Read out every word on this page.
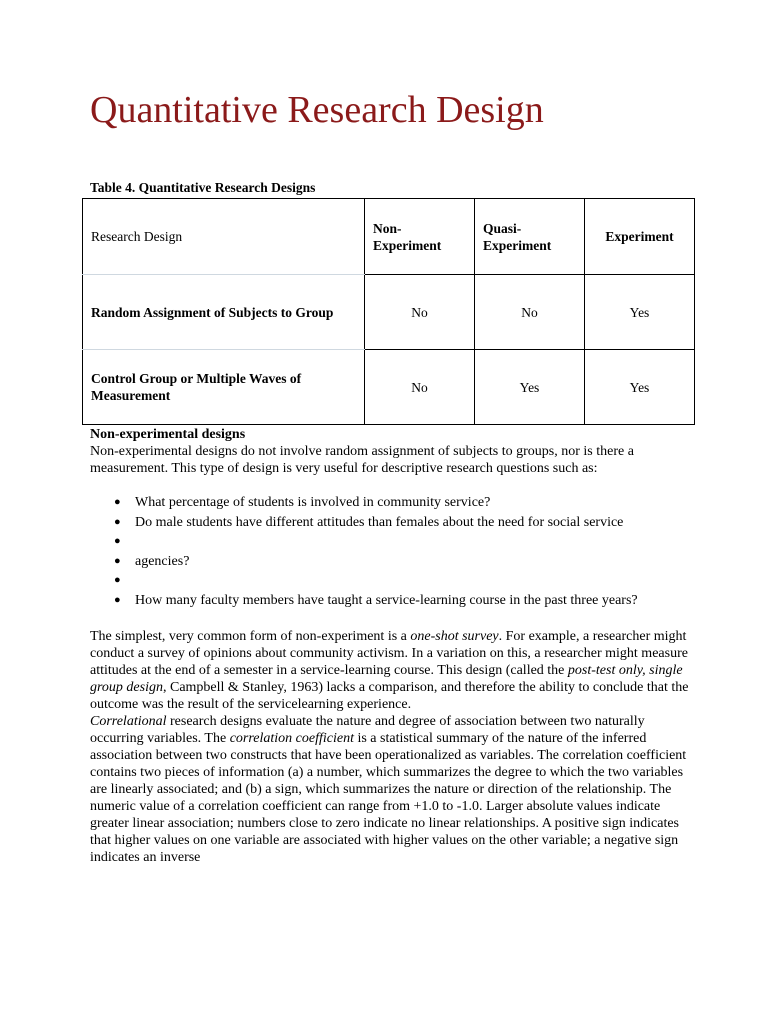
Quantitative Research Design
Table 4. Quantitative Research Designs
Research Design	Non-Experiment	Quasi-Experiment	Experiment
Random Assignment of Subjects to Group	No	No	Yes
Control Group or Multiple Waves of Measurement	No	Yes	Yes

Non-experimental designs

Non-experimental designs do not involve random assignment of subjects to groups, nor is there a measurement. This type of design is very useful for descriptive research questions such as:

● What percentage of students is involved in community service?
● Do male students have different attitudes than females about the need for social service
●
● agencies?
●
● How many faculty members have taught a service-learning course in the past three years?

The simplest, very common form of non-experiment is a one-shot survey. For example, a researcher might conduct a survey of opinions about community activism. In a variation on this, a researcher might measure attitudes at the end of a semester in a service-learning course. This design (called the post-test only, single group design, Campbell & Stanley, 1963) lacks a comparison, and therefore the ability to conclude that the outcome was the result of the servicelearning experience.

Correlational research designs evaluate the nature and degree of association between two naturally occurring variables. The correlation coefficient is a statistical summary of the nature of the inferred association between two constructs that have been operationalized as variables. The correlation coefficient contains two pieces of information (a) a number, which summarizes the degree to which the two variables are linearly associated; and (b) a sign, which summarizes the nature or direction of the relationship. The numeric value of a correlation coefficient can range from +1.0 to -1.0. Larger absolute values indicate greater linear association; numbers close to zero indicate no linear relationships. A positive sign indicates that higher values on one variable are associated with higher values on the other variable; a negative sign indicates an inverse
